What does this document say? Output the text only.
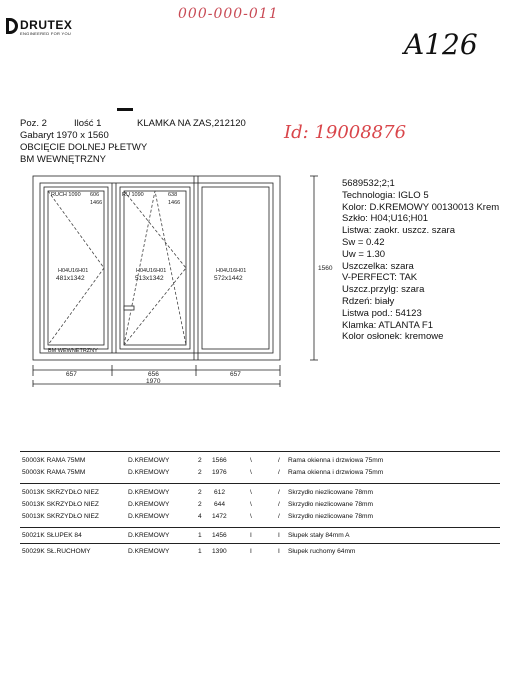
DRUTEX
ENGINEERED FOR YOU
000-000-011
A126
Id: 19008876
Poz. 2	Ilość 1	KLAMKA NA ZAS,212120
Gabaryt 1970 x 1560
OBCIĘCIE DOLNEJ PŁETWY
BM WEWNĘTRZNY
5689532;2;1
Technologia: IGLO 5
Kolor: D.KREMOWY 00130013 Krem
Szkło: H04;U16;H01
Listwa: zaokr. uszcz. szara
Sw = 0.42
Uw = 1.30
Uszczelka: szara
V-PERFECT: TAK
Uszcz.przylg: szara
Rdzeń: biały
Listwa pod.: 54123
Klamka: ATLANTA F1
Kolor osłonek: kremowe
RUCH 1090 606
1466
H04U16H01
481x1342
RU 1090	638
1466
H04U16H01
513x1342
H04U16H01
572x1442
BM WEWNETRZNY
657	656	657
1970
1560
50003K RAMA 75MM	D.KREMOWY	2 1566	\	/ Rama okienna i drzwiowa 75mm
50003K RAMA 75MM	D.KREMOWY	2 1976	\	/ Rama okienna i drzwiowa 75mm
50013K SKRZYDŁO NIEZ	D.KREMOWY	2 612	\	/ Skrzydło niezlicowane 78mm
50013K SKRZYDŁO NIEZ	D.KREMOWY	2 644	\	/ Skrzydło niezlicowane 78mm
50013K SKRZYDŁO NIEZ	D.KREMOWY	4 1472	\	/ Skrzydło niezlicowane 78mm
50021K SŁUPEK 84	D.KREMOWY	1 1456	I	I Słupek stały 84mm A
50029K SŁ.RUCHOMY	D.KREMOWY	1 1390	I	I Słupek ruchomy 64mm
